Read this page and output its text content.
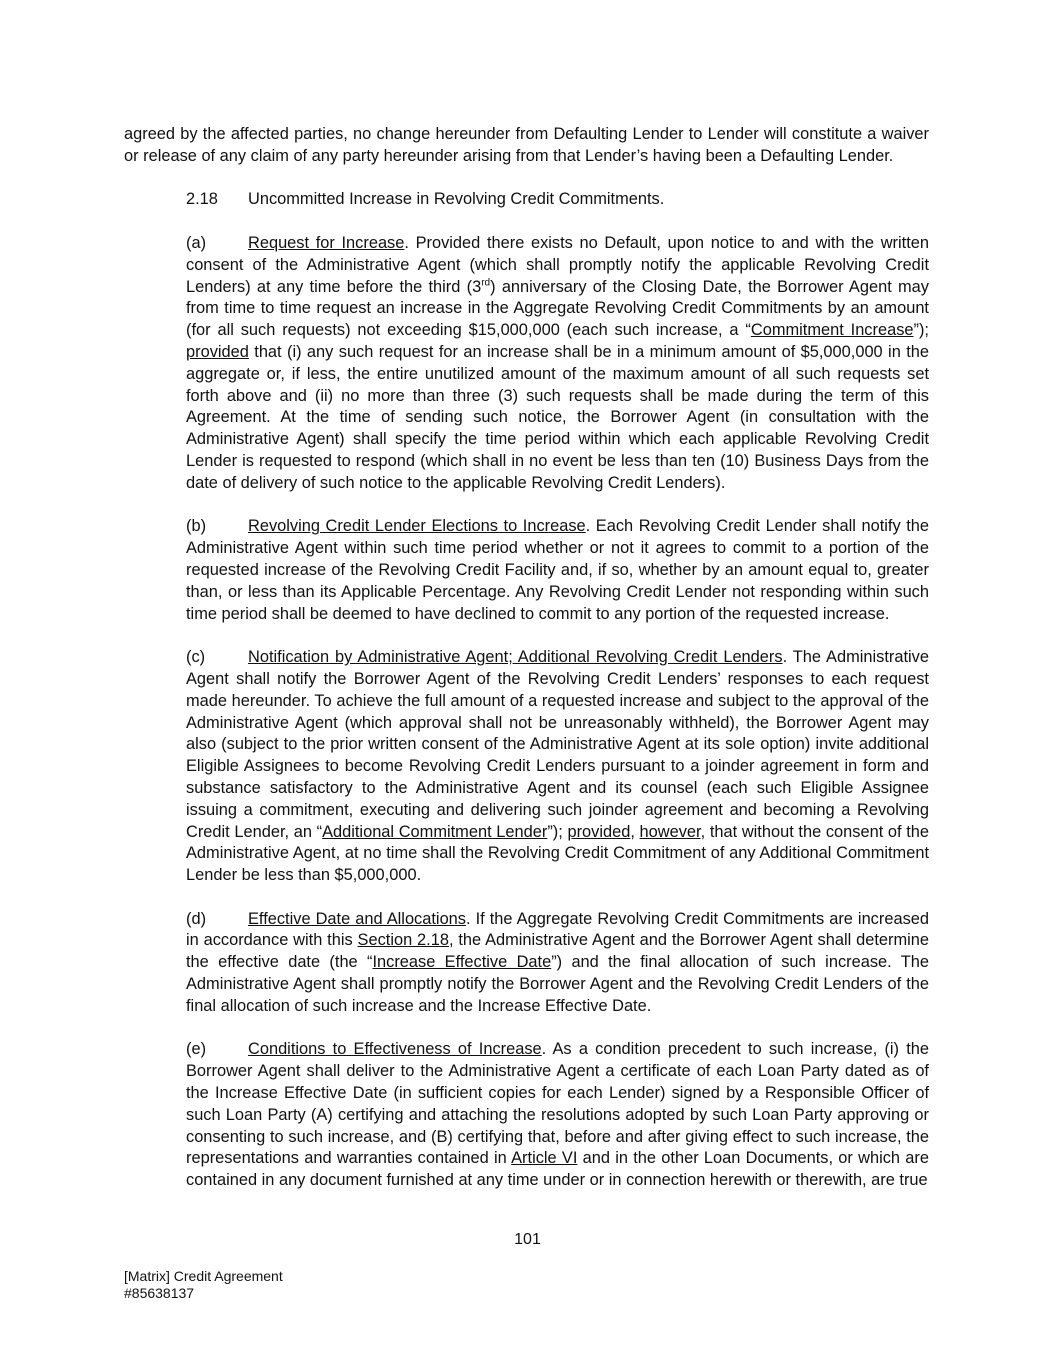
agreed by the affected parties, no change hereunder from Defaulting Lender to Lender will constitute a waiver or release of any claim of any party hereunder arising from that Lender’s having been a Defaulting Lender.

2.18 Uncommitted Increase in Revolving Credit Commitments.

(a)	Request for Increase. Provided there exists no Default, upon notice to and with the written consent of the Administrative Agent (which shall promptly notify the applicable Revolving Credit Lenders) at any time before the third (3rd) anniversary of the Closing Date, the Borrower Agent may from time to time request an increase in the Aggregate Revolving Credit Commitments by an amount (for all such requests) not exceeding $15,000,000 (each such increase, a “Commitment Increase”); provided that (i) any such request for an increase shall be in a minimum amount of $5,000,000 in the aggregate or, if less, the entire unutilized amount of the maximum amount of all such requests set forth above and (ii) no more than three (3) such requests shall be made during the term of this Agreement. At the time of sending such notice, the Borrower Agent (in consultation with the Administrative Agent) shall specify the time period within which each applicable Revolving Credit Lender is requested to respond (which shall in no event be less than ten (10) Business Days from the date of delivery of such notice to the applicable Revolving Credit Lenders).

(b)	Revolving Credit Lender Elections to Increase. Each Revolving Credit Lender shall notify the Administrative Agent within such time period whether or not it agrees to commit to a portion of the requested increase of the Revolving Credit Facility and, if so, whether by an amount equal to, greater than, or less than its Applicable Percentage. Any Revolving Credit Lender not responding within such time period shall be deemed to have declined to commit to any portion of the requested increase.

(c)	Notification by Administrative Agent; Additional Revolving Credit Lenders. The Administrative Agent shall notify the Borrower Agent of the Revolving Credit Lenders’ responses to each request made hereunder. To achieve the full amount of a requested increase and subject to the approval of the Administrative Agent (which approval shall not be unreasonably withheld), the Borrower Agent may also (subject to the prior written consent of the Administrative Agent at its sole option) invite additional Eligible Assignees to become Revolving Credit Lenders pursuant to a joinder agreement in form and substance satisfactory to the Administrative Agent and its counsel (each such Eligible Assignee issuing a commitment, executing and delivering such joinder agreement and becoming a Revolving Credit Lender, an “Additional Commitment Lender”); provided, however, that without the consent of the Administrative Agent, at no time shall the Revolving Credit Commitment of any Additional Commitment Lender be less than $5,000,000.

(d)	Effective Date and Allocations. If the Aggregate Revolving Credit Commitments are increased in accordance with this Section 2.18, the Administrative Agent and the Borrower Agent shall determine the effective date (the “Increase Effective Date”) and the final allocation of such increase. The Administrative Agent shall promptly notify the Borrower Agent and the Revolving Credit Lenders of the final allocation of such increase and the Increase Effective Date.

(e)	Conditions to Effectiveness of Increase. As a condition precedent to such increase, (i) the Borrower Agent shall deliver to the Administrative Agent a certificate of each Loan Party dated as of the Increase Effective Date (in sufficient copies for each Lender) signed by a Responsible Officer of such Loan Party (A) certifying and attaching the resolutions adopted by such Loan Party approving or consenting to such increase, and (B) certifying that, before and after giving effect to such increase, the representations and warranties contained in Article VI and in the other Loan Documents, or which are contained in any document furnished at any time under or in connection herewith or therewith, are true

101
[Matrix] Credit Agreement
#85638137
